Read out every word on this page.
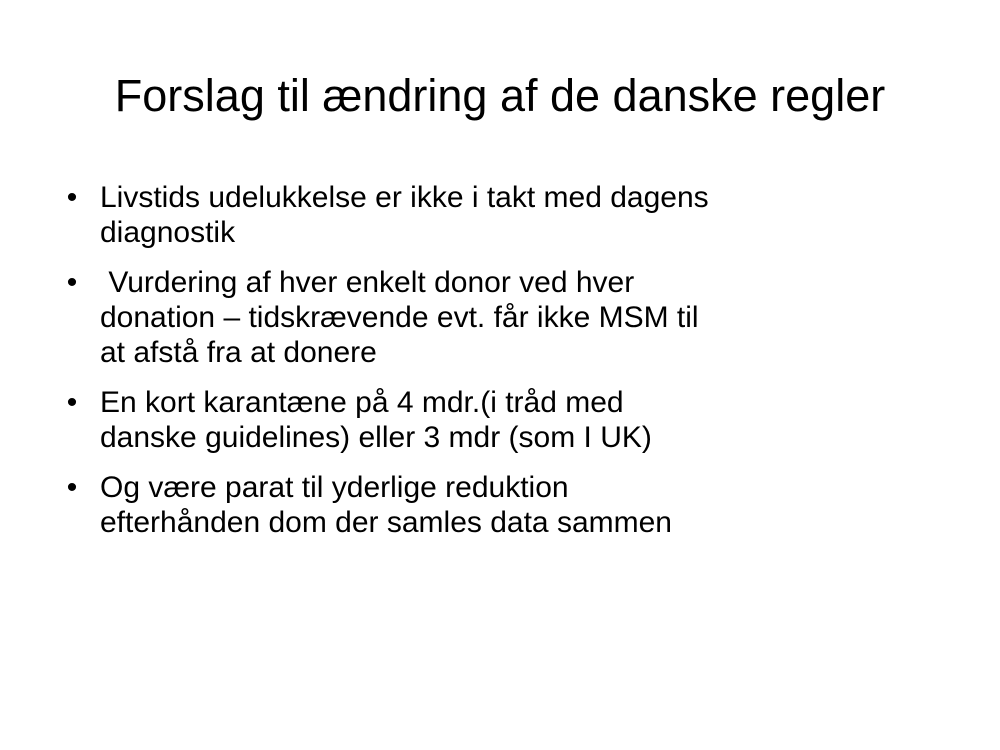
Forslag til ændring af de danske regler
• Livstids udelukkelse er ikke i takt med dagens
diagnostik
• Vurdering af hver enkelt donor ved hver
donation – tidskrævende evt. får ikke MSM til
at afstå fra at donere
• En kort karantæne på 4 mdr.(i tråd med
danske guidelines) eller 3 mdr (som I UK)
• Og være parat til yderlige reduktion
efterhånden dom der samles data sammen
